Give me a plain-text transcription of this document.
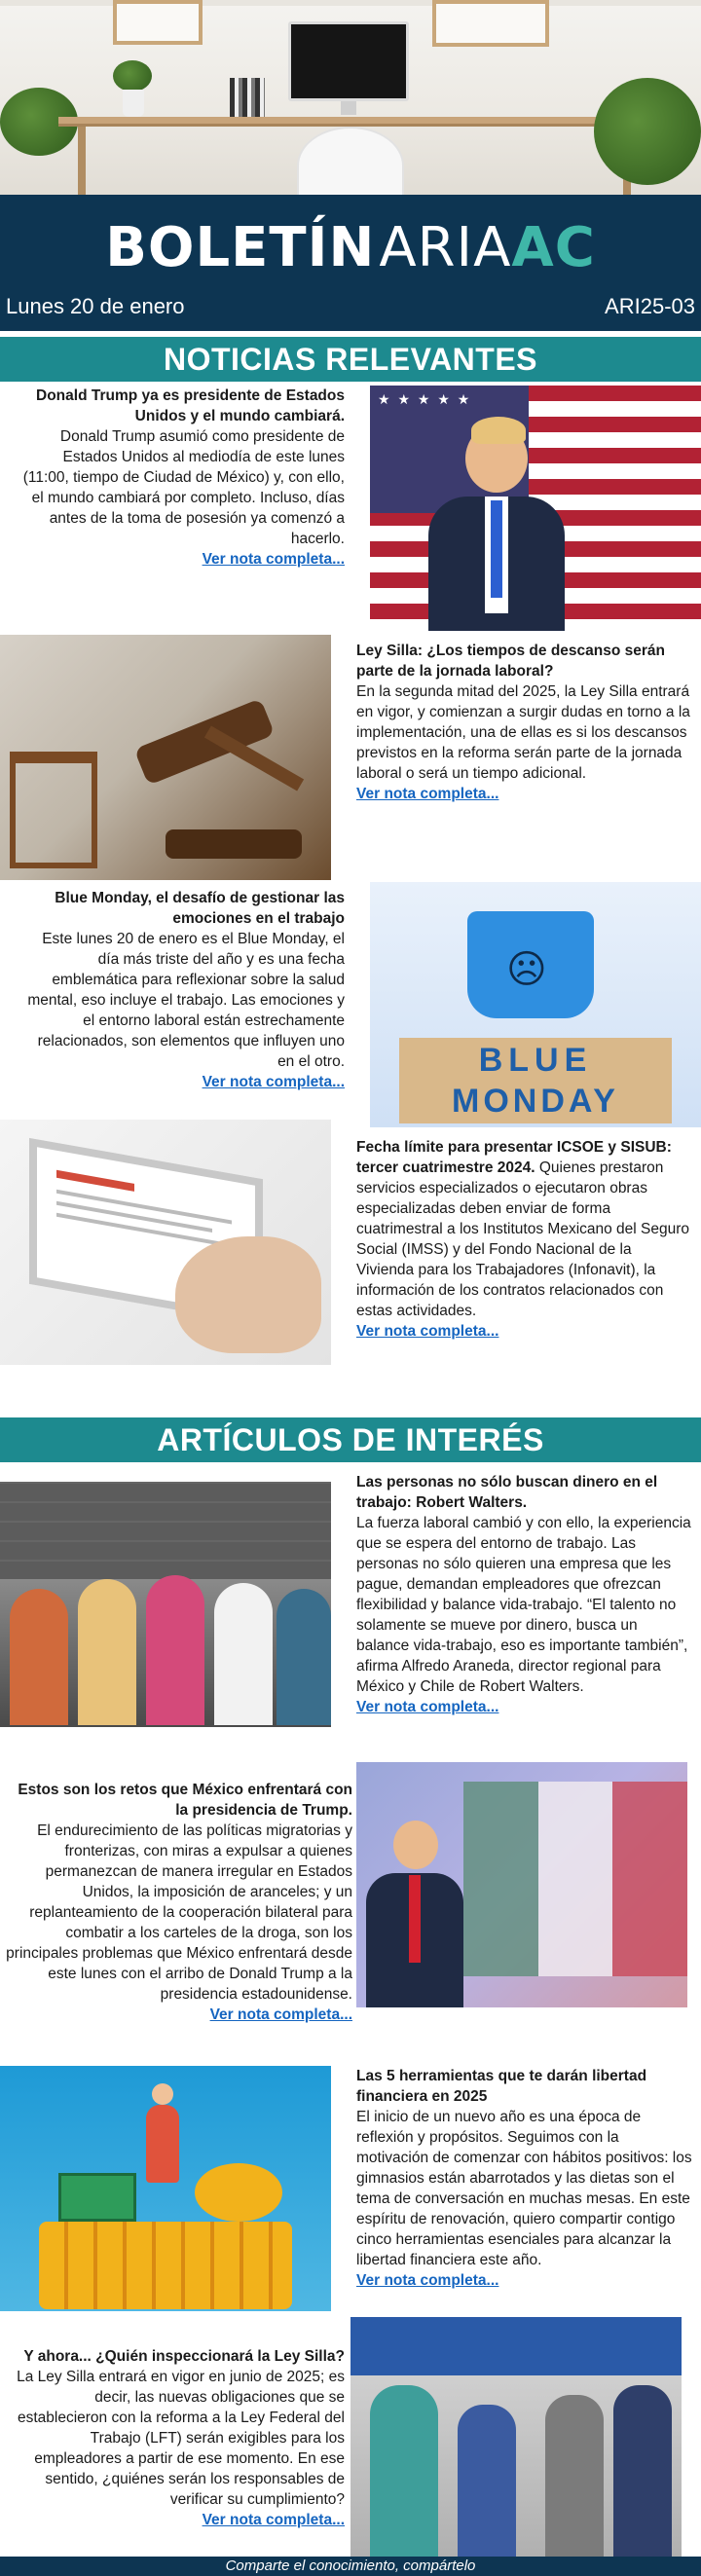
BOLETÍNARIAAC
Lunes 20 de enero	ARI25-03
NOTICIAS RELEVANTES
Donald Trump ya es presidente de Estados Unidos y el mundo cambiará.
Donald Trump asumió como presidente de Estados Unidos al mediodía de este lunes (11:00, tiempo de Ciudad de México) y, con ello, el mundo cambiará por completo. Incluso, días antes de la toma de posesión ya comenzó a hacerlo.
Ver nota completa...
★ ★ ★ ★ ★
Ley Silla: ¿Los tiempos de descanso serán parte de la jornada laboral?
En la segunda mitad del 2025, la Ley Silla entrará en vigor, y comienzan a surgir dudas en torno a la implementación, una de ellas es si los descansos previstos en la reforma serán parte de la jornada laboral o será un tiempo adicional.
Ver nota completa...
Blue Monday, el desafío de gestionar las emociones en el trabajo
Este lunes 20 de enero es el Blue Monday, el día más triste del año y es una fecha emblemática para reflexionar sobre la salud mental, eso incluye el trabajo. Las emociones y el entorno laboral están estrechamente relacionados, son elementos que influyen uno en el otro.
Ver nota completa...
☹
BLUE
MONDAY
Fecha límite para presentar ICSOE y SISUB: tercer cuatrimestre 2024. Quienes prestaron servicios especializados o ejecutaron obras especializadas deben enviar de forma cuatrimestral a los Institutos Mexicano del Seguro Social (IMSS) y del Fondo Nacional de la Vivienda para los Trabajadores (Infonavit), la información de los contratos relacionados con estas actividades.
Ver nota completa...
ARTÍCULOS DE INTERÉS
Las personas no sólo buscan dinero en el trabajo: Robert Walters.
La fuerza laboral cambió y con ello, la experiencia que se espera del entorno de trabajo. Las personas no sólo quieren una empresa que les pague, demandan empleadores que ofrezcan flexibilidad y balance vida-trabajo. “El talento no solamente se mueve por dinero, busca un balance vida-trabajo, eso es importante también”, afirma Alfredo Araneda, director regional para México y Chile de Robert Walters.
Ver nota completa...
Estos son los retos que México enfrentará con la presidencia de Trump.
El endurecimiento de las políticas migratorias y fronterizas, con miras a expulsar a quienes permanezcan de manera irregular en Estados Unidos, la imposición de aranceles; y un replanteamiento de la cooperación bilateral para combatir a los carteles de la droga, son los principales problemas que México enfrentará desde este lunes con el arribo de Donald Trump a la presidencia estadounidense.
Ver nota completa...
Las 5 herramientas que te darán libertad financiera en 2025
El inicio de un nuevo año es una época de reflexión y propósitos. Seguimos con la motivación de comenzar con hábitos positivos: los gimnasios están abarrotados y las dietas son el tema de conversación en muchas mesas. En este espíritu de renovación, quiero compartir contigo cinco herramientas esenciales para alcanzar la libertad financiera este año.
Ver nota completa...
Y ahora... ¿Quién inspeccionará la Ley Silla?
La Ley Silla entrará en vigor en junio de 2025; es decir, las nuevas obligaciones que se establecieron con la reforma a la Ley Federal del Trabajo (LFT) serán exigibles para los empleadores a partir de ese momento. En ese sentido, ¿quiénes serán los responsables de verificar su cumplimiento?
Ver nota completa...
Comparte el conocimiento, compártelo
